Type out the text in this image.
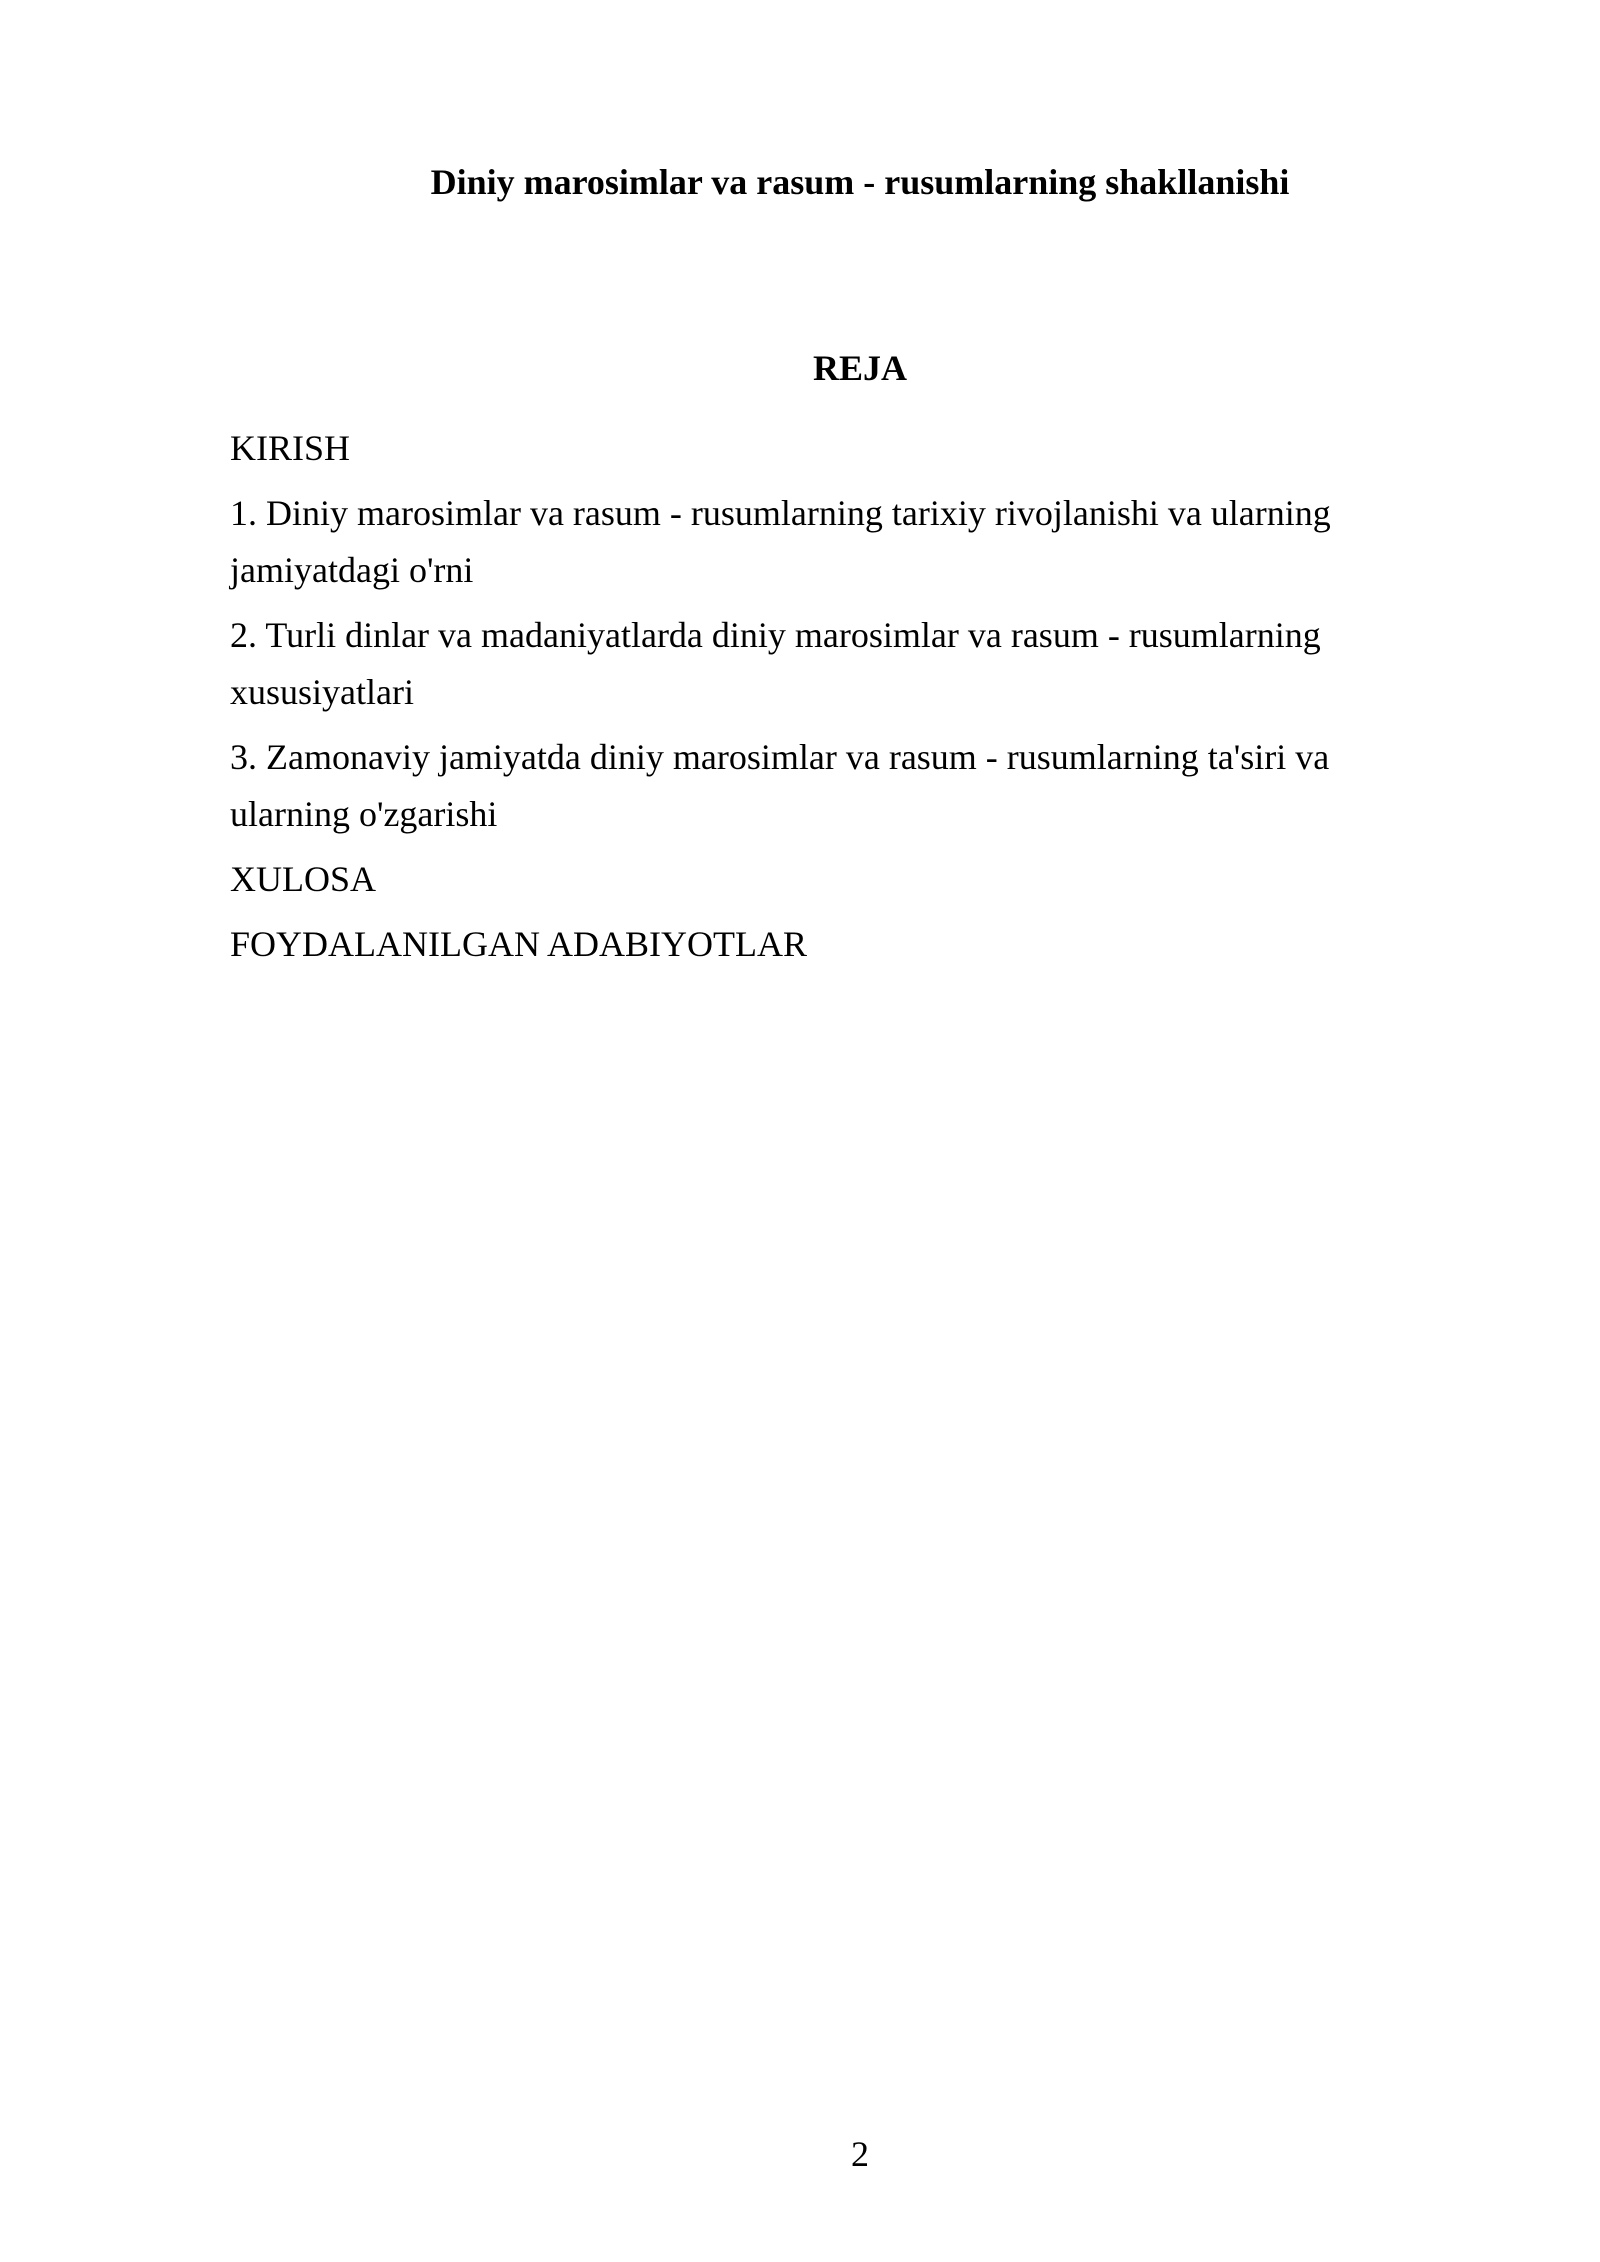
Diniy marosimlar va rasum - rusumlarning shakllanishi
REJA
KIRISH
1. Diniy marosimlar va rasum - rusumlarning tarixiy rivojlanishi va ularning jamiyatdagi o'rni
2. Turli dinlar va madaniyatlarda diniy marosimlar va rasum - rusumlarning xususiyatlari
3. Zamonaviy jamiyatda diniy marosimlar va rasum - rusumlarning ta'siri va ularning o'zgarishi
XULOSA
FOYDALANILGAN ADABIYOTLAR
2
